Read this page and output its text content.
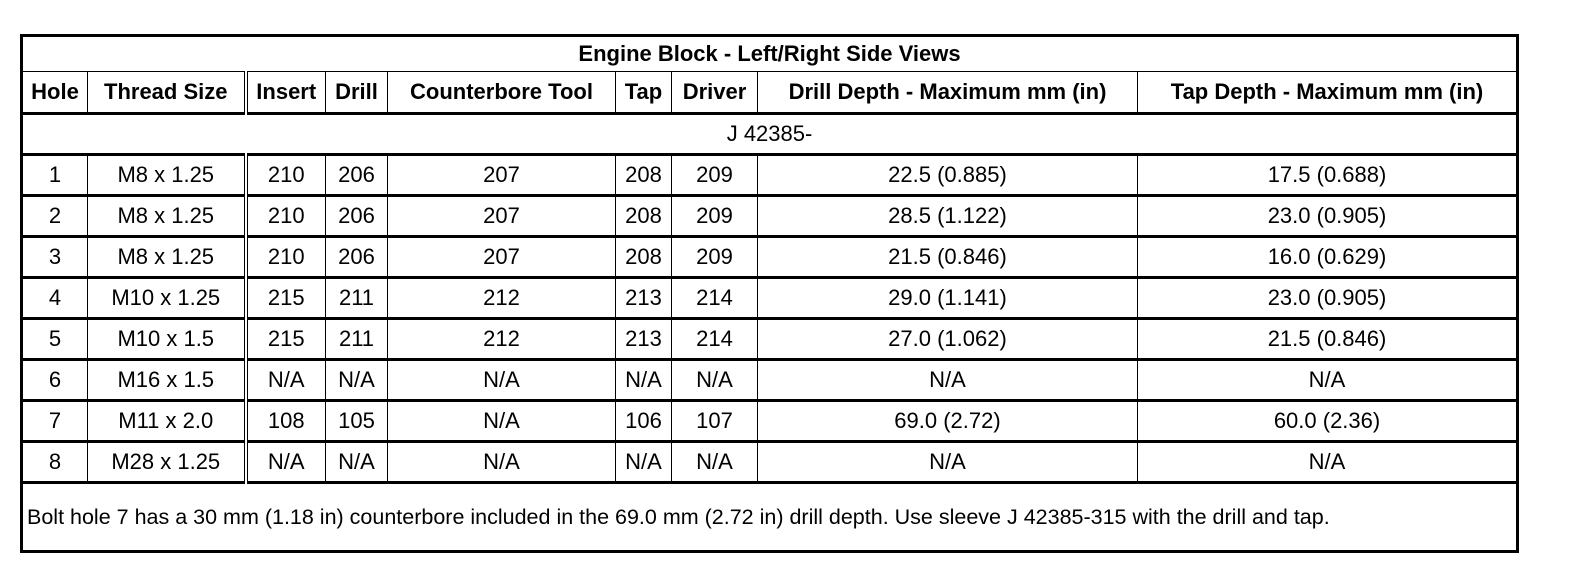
Engine Block - Left/Right Side Views								
Hole	Thread Size	Insert	Drill	Counterbore Tool	Tap	Driver	Drill Depth - Maximum mm (in)	Tap Depth - Maximum mm (in)
J 42385-								
1	M8 x 1.25	210	206	207	208	209	22.5 (0.885)	17.5 (0.688)
2	M8 x 1.25	210	206	207	208	209	28.5 (1.122)	23.0 (0.905)
3	M8 x 1.25	210	206	207	208	209	21.5 (0.846)	16.0 (0.629)
4	M10 x 1.25	215	211	212	213	214	29.0 (1.141)	23.0 (0.905)
5	M10 x 1.5	215	211	212	213	214	27.0 (1.062)	21.5 (0.846)
6	M16 x 1.5	N/A	N/A	N/A	N/A	N/A	N/A	N/A
7	M11 x 2.0	108	105	N/A	106	107	69.0 (2.72)	60.0 (2.36)
8	M28 x 1.25	N/A	N/A	N/A	N/A	N/A	N/A	N/A
Bolt hole 7 has a 30 mm (1.18 in) counterbore included in the 69.0 mm (2.72 in) drill depth. Use sleeve J 42385-315 with the drill and tap.								
